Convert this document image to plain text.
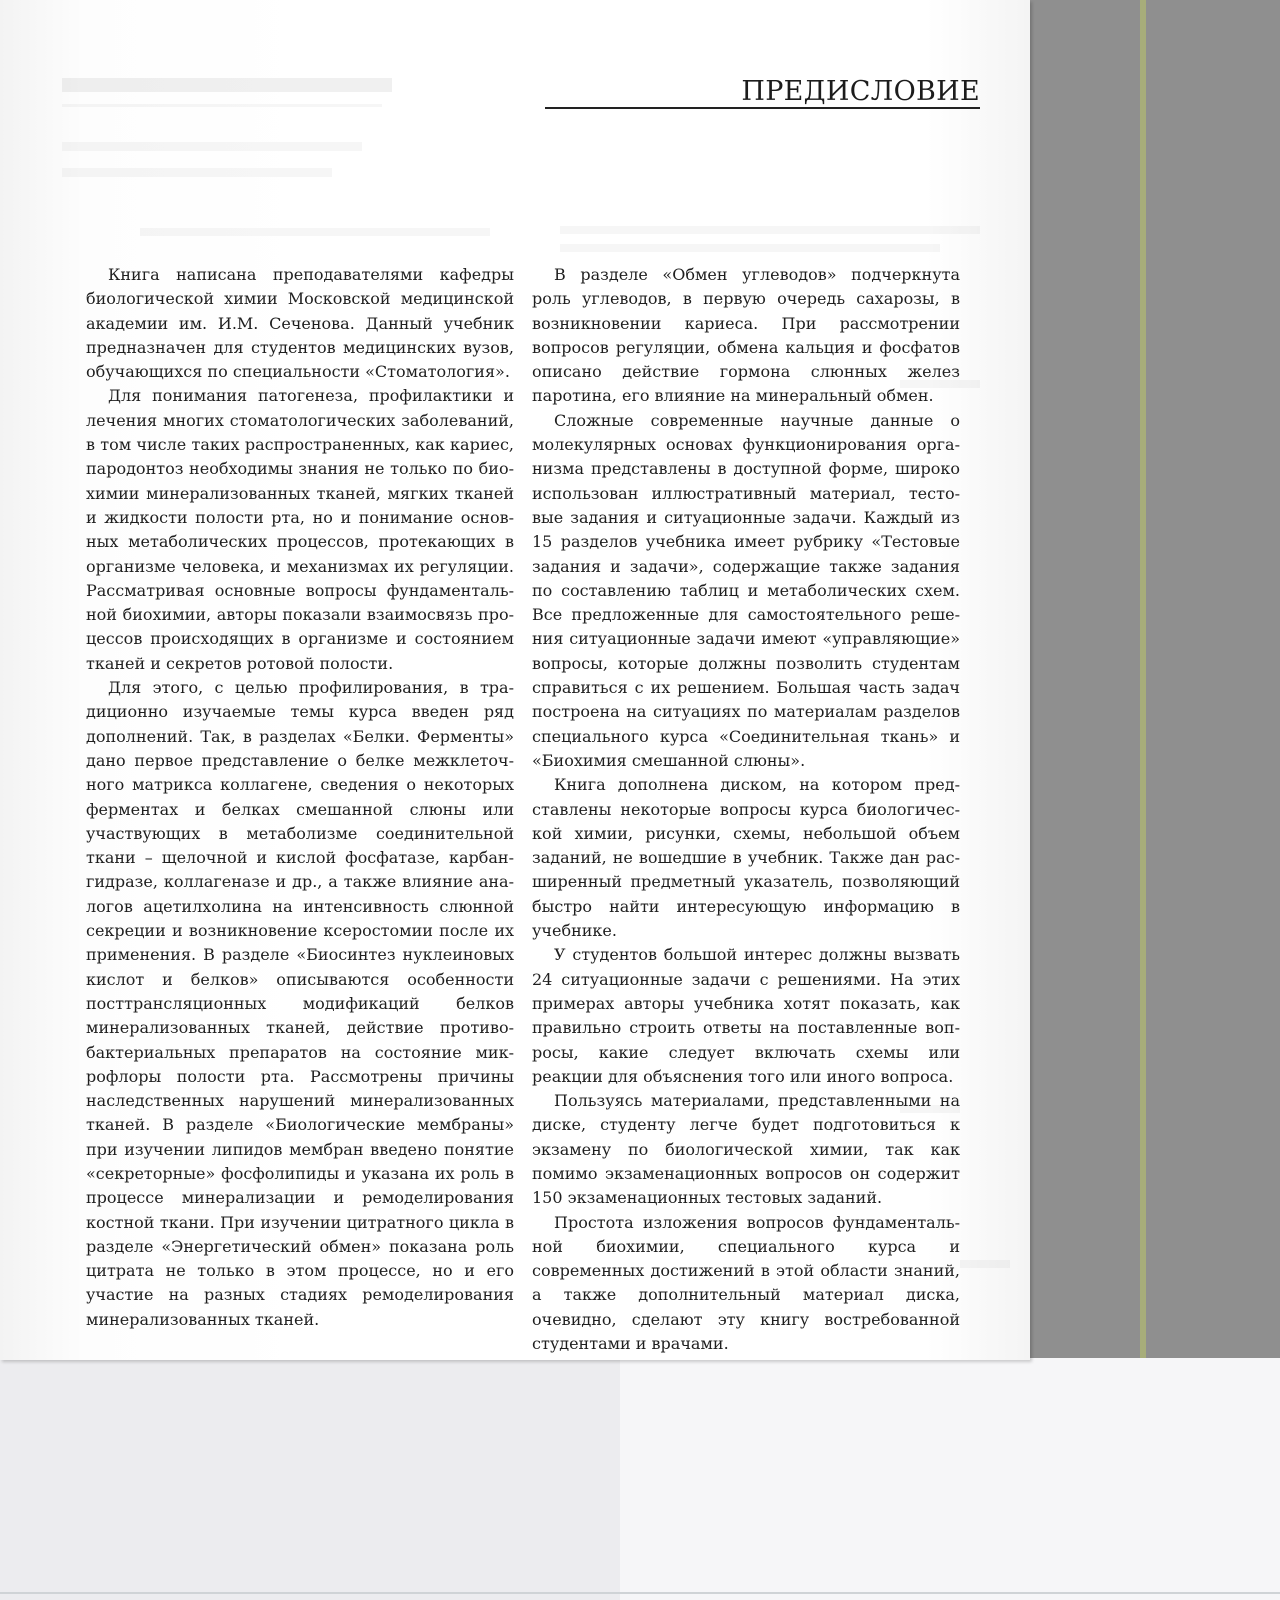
ПРЕДИСЛОВИЕ

Книга написана преподавателями кафедры биологической химии Московской медицинской академии им. И.М. Сеченова. Данный учебник предназначен для студентов медицинских вузов, обучающихся по специальности «Стоматология».

Для понимания патогенеза, профилактики и лечения многих стоматологических заболеваний, в том числе таких распространенных, как кариес, пародонтоз необходимы знания не только по биохимии минерализованных тканей, мягких тканей и жидкости полости рта, но и понимание основных метаболических процессов, протекающих в организме человека, и механизмах их регуляции. Рассматривая основные вопросы фундаментальной биохимии, авторы показали взаимосвязь процессов происходящих в организме и состоянием тканей и секретов ротовой полости.

Для этого, с целью профилирования, в традиционно изучаемые темы курса введен ряд дополнений. Так, в разделах «Белки. Ферменты» дано первое представление о белке межклеточного матрикса коллагене, сведения о некоторых ферментах и белках смешанной слюны или участвующих в метаболизме соединительной ткани – щелочной и кислой фосфатазе, карбангидразе, коллагеназе и др., а также влияние аналогов ацетилхолина на интенсивность слюнной секреции и возникновение ксеростомии после их применения. В разделе «Биосинтез нуклеиновых кислот и белков» описываются особенности посттрансляционных модификаций белков минерализованных тканей, действие противобактериальных препаратов на состояние микрофлоры полости рта. Рассмотрены причины наследственных нарушений минерализованных тканей. В разделе «Биологические мембраны» при изучении липидов мембран введено понятие «секреторные» фосфолипиды и указана их роль в процессе минерализации и ремоделирования костной ткани. При изучении цитратного цикла в разделе «Энергетический обмен» показана роль цитрата не только в этом процессе, но и его участие на разных стадиях ремоделирования минерализованных тканей.

В разделе «Обмен углеводов» подчеркнута роль углеводов, в первую очередь сахарозы, в возникновении кариеса. При рассмотрении вопросов регуляции, обмена кальция и фосфатов описано действие гормона слюнных желез паротина, его влияние на минеральный обмен.

Сложные современные научные данные о молекулярных основах функционирования организма представлены в доступной форме, широко использован иллюстративный материал, тестовые задания и ситуационные задачи. Каждый из 15 разделов учебника имеет рубрику «Тестовые задания и задачи», содержащие также задания по составлению таблиц и метаболических схем. Все предложенные для самостоятельного решения ситуационные задачи имеют «управляющие» вопросы, которые должны позволить студентам справиться с их решением. Большая часть задач построена на ситуациях по материалам разделов специального курса «Соединительная ткань» и «Биохимия смешанной слюны».

Книга дополнена диском, на котором представлены некоторые вопросы курса биологической химии, рисунки, схемы, небольшой объем заданий, не вошедшие в учебник. Также дан расширенный предметный указатель, позволяющий быстро найти интересующую информацию в учебнике.

У студентов большой интерес должны вызвать 24 ситуационные задачи с решениями. На этих примерах авторы учебника хотят показать, как правильно строить ответы на поставленные вопросы, какие следует включать схемы или реакции для объяснения того или иного вопроса.

Пользуясь материалами, представленными на диске, студенту легче будет подготовиться к экзамену по биологической химии, так как помимо экзаменационных вопросов он содержит 150 экзаменационных тестовых заданий.

Простота изложения вопросов фундаментальной биохимии, специального курса и современных достижений в этой области знаний, а также дополнительный материал диска, очевидно, сделают эту книгу востребованной студентами и врачами.
